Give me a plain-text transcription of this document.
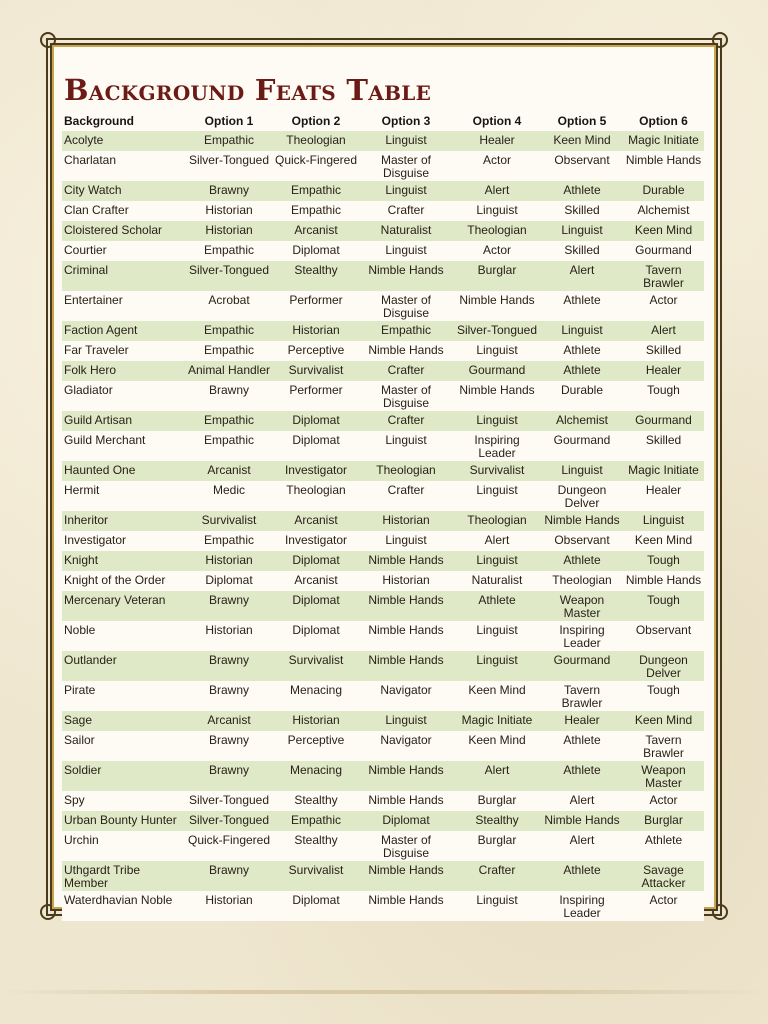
Background Feats Table
Background	Option 1	Option 2	Option 3	Option 4	Option 5	Option 6
Acolyte	Empathic	Theologian	Linguist	Healer	Keen Mind	Magic Initiate
Charlatan	Silver-Tongued	Quick-Fingered	Master of Disguise	Actor	Observant	Nimble Hands
City Watch	Brawny	Empathic	Linguist	Alert	Athlete	Durable
Clan Crafter	Historian	Empathic	Crafter	Linguist	Skilled	Alchemist
Cloistered Scholar	Historian	Arcanist	Naturalist	Theologian	Linguist	Keen Mind
Courtier	Empathic	Diplomat	Linguist	Actor	Skilled	Gourmand
Criminal	Silver-Tongued	Stealthy	Nimble Hands	Burglar	Alert	Tavern Brawler
Entertainer	Acrobat	Performer	Master of Disguise	Nimble Hands	Athlete	Actor
Faction Agent	Empathic	Historian	Empathic	Silver-Tongued	Linguist	Alert
Far Traveler	Empathic	Perceptive	Nimble Hands	Linguist	Athlete	Skilled
Folk Hero	Animal Handler	Survivalist	Crafter	Gourmand	Athlete	Healer
Gladiator	Brawny	Performer	Master of Disguise	Nimble Hands	Durable	Tough
Guild Artisan	Empathic	Diplomat	Crafter	Linguist	Alchemist	Gourmand
Guild Merchant	Empathic	Diplomat	Linguist	Inspiring Leader	Gourmand	Skilled
Haunted One	Arcanist	Investigator	Theologian	Survivalist	Linguist	Magic Initiate
Hermit	Medic	Theologian	Crafter	Linguist	Dungeon Delver	Healer
Inheritor	Survivalist	Arcanist	Historian	Theologian	Nimble Hands	Linguist
Investigator	Empathic	Investigator	Linguist	Alert	Observant	Keen Mind
Knight	Historian	Diplomat	Nimble Hands	Linguist	Athlete	Tough
Knight of the Order	Diplomat	Arcanist	Historian	Naturalist	Theologian	Nimble Hands
Mercenary Veteran	Brawny	Diplomat	Nimble Hands	Athlete	Weapon Master	Tough
Noble	Historian	Diplomat	Nimble Hands	Linguist	Inspiring Leader	Observant
Outlander	Brawny	Survivalist	Nimble Hands	Linguist	Gourmand	Dungeon Delver
Pirate	Brawny	Menacing	Navigator	Keen Mind	Tavern Brawler	Tough
Sage	Arcanist	Historian	Linguist	Magic Initiate	Healer	Keen Mind
Sailor	Brawny	Perceptive	Navigator	Keen Mind	Athlete	Tavern Brawler
Soldier	Brawny	Menacing	Nimble Hands	Alert	Athlete	Weapon Master
Spy	Silver-Tongued	Stealthy	Nimble Hands	Burglar	Alert	Actor
Urban Bounty Hunter	Silver-Tongued	Empathic	Diplomat	Stealthy	Nimble Hands	Burglar
Urchin	Quick-Fingered	Stealthy	Master of Disguise	Burglar	Alert	Athlete
Uthgardt Tribe Member	Brawny	Survivalist	Nimble Hands	Crafter	Athlete	Savage Attacker
Waterdhavian Noble	Historian	Diplomat	Nimble Hands	Linguist	Inspiring Leader	Actor
